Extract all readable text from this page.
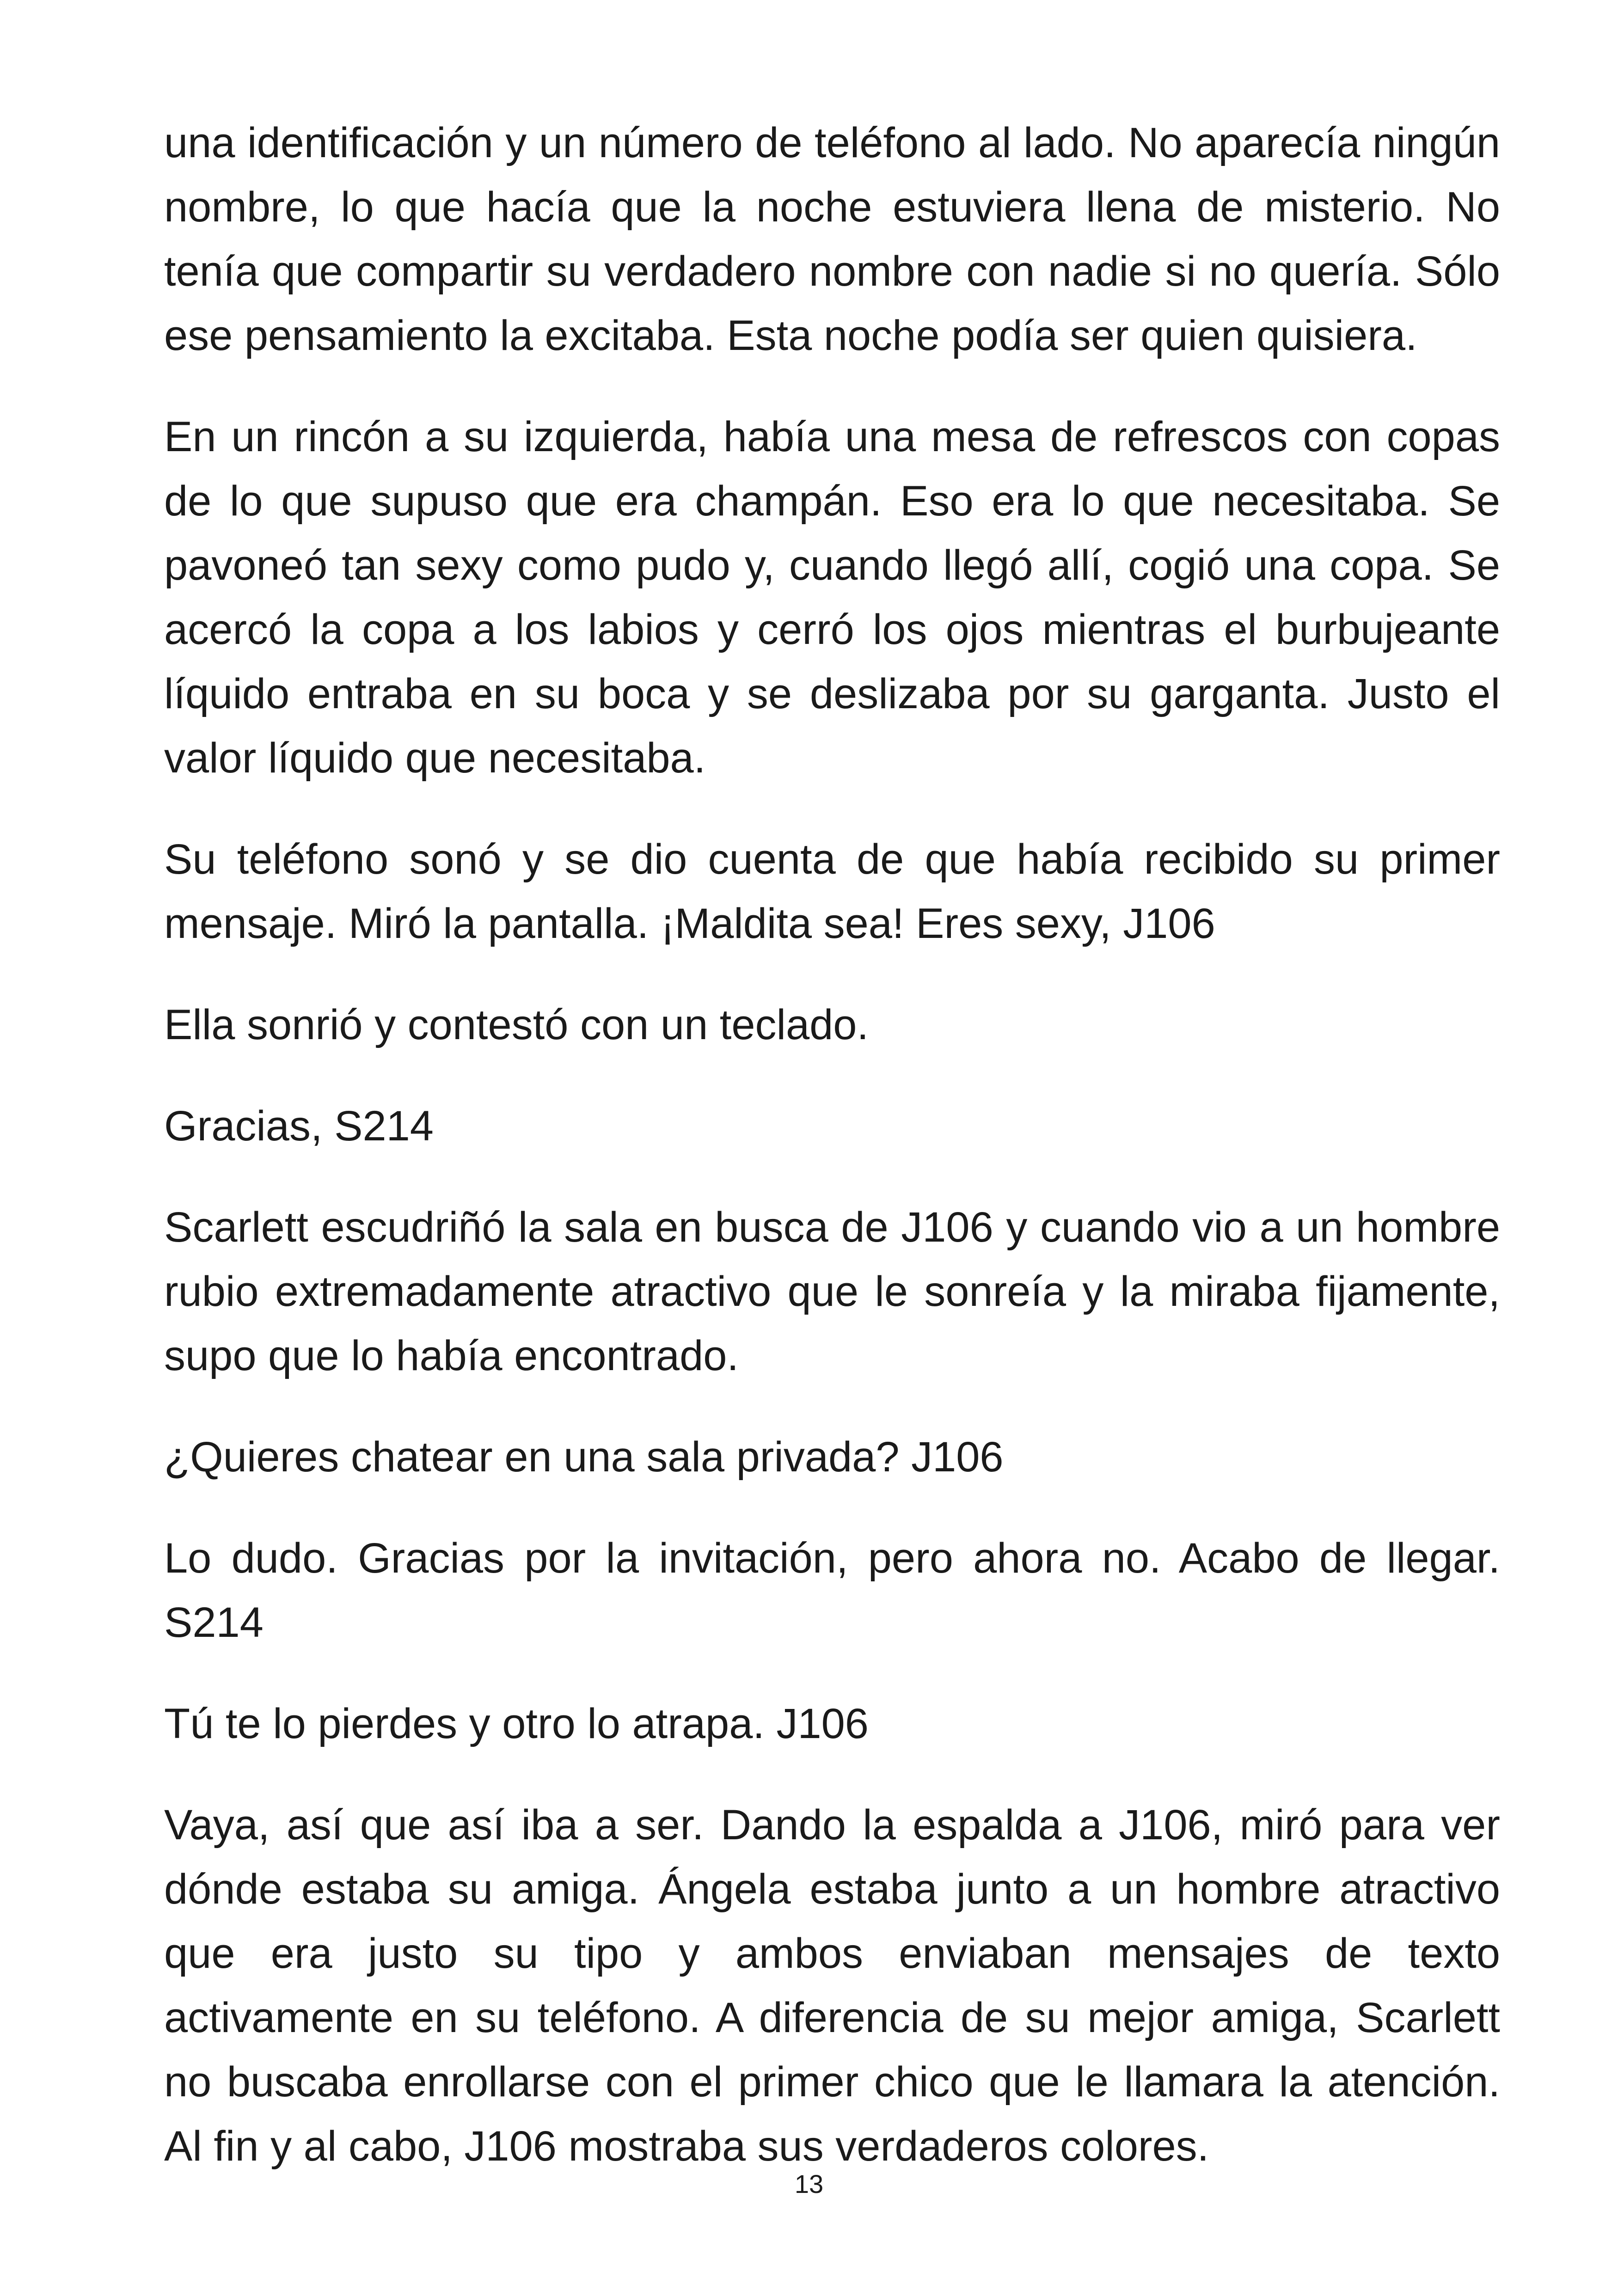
una identificación y un número de teléfono al lado. No aparecía ningún nombre, lo que hacía que la noche estuviera llena de misterio. No tenía que compartir su verdadero nombre con nadie si no quería. Sólo ese pensamiento la excitaba. Esta noche podía ser quien quisiera.

En un rincón a su izquierda, había una mesa de refrescos con copas de lo que supuso que era champán. Eso era lo que necesitaba. Se pavoneó tan sexy como pudo y, cuando llegó allí, cogió una copa. Se acercó la copa a los labios y cerró los ojos mientras el burbujeante líquido entraba en su boca y se deslizaba por su garganta. Justo el valor líquido que necesitaba.

Su teléfono sonó y se dio cuenta de que había recibido su primer mensaje. Miró la pantalla. ¡Maldita sea! Eres sexy, J106

Ella sonrió y contestó con un teclado.

Gracias, S214

Scarlett escudriñó la sala en busca de J106 y cuando vio a un hombre rubio extremadamente atractivo que le sonreía y la miraba fijamente, supo que lo había encontrado.

¿Quieres chatear en una sala privada? J106

Lo dudo. Gracias por la invitación, pero ahora no. Acabo de llegar. S214

Tú te lo pierdes y otro lo atrapa. J106

Vaya, así que así iba a ser. Dando la espalda a J106, miró para ver dónde estaba su amiga. Ángela estaba junto a un hombre atractivo que era justo su tipo y ambos enviaban mensajes de texto activamente en su teléfono. A diferencia de su mejor amiga, Scarlett no buscaba enrollarse con el primer chico que le llamara la atención. Al fin y al cabo, J106 mostraba sus verdaderos colores.

13
